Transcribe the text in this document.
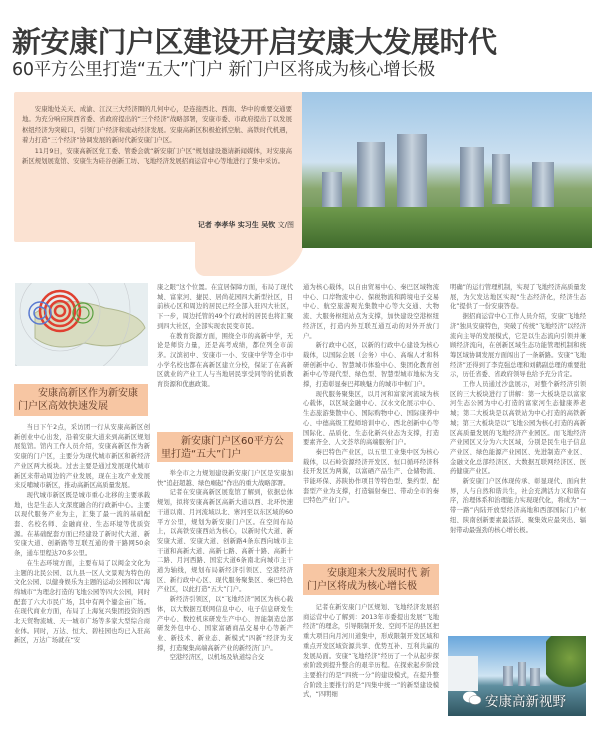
新安康门户区建设开启安康大发展时代
60平方公里打造“五大”门户 新门户区将成为核心增长极

安康地处关天、成渝、江汉三大经济圈的几何中心，是连接西北、西南、华中的重要交通要地。为充分响应陕西省委、省政府提出的“三个经济”战略部署，安康市委、市政府提出了以发展枢纽经济为突破口，引领门户经济和流动经济发展。安康高新区积极抢抓空航、高铁时代机遇，着力打造“三个经济”协调发展的新时代新安康门户区。

11月9日，安康高新区党工委、管委会就“新安康门户区”规划建设邀请新闻媒体，对安康高新区规划展览馆、安康生为硅谷创新工坊、飞地经济发展招商运营中心等地进行了集中采访。

记者 李孝华 实习生 吴钦 文/图
安康高新区作为新安康门户区高效快速发展

当日下午2点，采访团一行从安康高新区创新创业中心出发，沿着安康大道来到高新区规划展览馆。馆内工作人员介绍，安康高新区作为新安康的门户区，主要分为现代城市新区和新经济产业区两大板块。过去主要是通过发展现代城市新区来带动周边的产业发展，现在主攻产业发展来反哺城市新区，推动高新区高质量发展。

现代城市新区既是城市重心北移的主要承载地，也是生态人文深度融合的行政新中心。主要以现代服务产业为主，汇集了最一流的基础配套、名校名师、金融商业、生态环境等优质资源。在基础配套方面已经建设了新时代大道、新安康大道、创新路等互联互通的骨干路网50余条，通车里程达70多公里。

在生态环境方面，主要布局了以闽金文化为主题的北民公园、以九县一区人文景观为特色的文化公园、以健身娱乐为主题的运动公园和以“海绵城市”为理念打造的飞地公园等四大公园，同时配套了六大市民广场，其中有两个鎏金亩广场。在现代商业方面，布局了上海复兴集团投资的西北天贸物流城、天一城市广场等多家大型综合商业体。同时，万达、恒大、碧桂园也均已入驻高新区，万达广场就在“安

康之眼”这个位置。在宜居保障方面，布局了现代城、富家河、捷民、居尚花园四大新型社区，目前核心区和周边的居民已经全部入驻四大社区，下一步，周边托管的49个行政村的居民也将汇聚到四大社区，全部实现农民变市民。

在教育资源方面，围绕全市的高新中学，无论是师资力量，还是高考成绩，都位列全市前茅。汉滨初中、安康市一小、安康中学等全市中小学名校也都在高新区建立分校，保证了在高新区就业的产业工人与当地居民享受同等的优质教育资源和优惠政策。

新安康门户区60平方公里打造“五大”门户

举全市之力规划建设新安康门户区是安康加快“追赶超越、绿色崛起”作出的重大战略部署。

记者在安康高新区展览馆了解到，依据总体规划，拟将安康高新区高新大道以西、北环快速干道以南、月河流域以北、寨河至以东区域的60平方公里，规划为新安康门户区。在空间布局上，以高铁安康西站为核心，以新时代大道、新安康大道、安康大道、创新路4条东西向城市主干道和高新大道、高新七路、高新十路、高新十二路、月河西路、国宏大道6条南北向城市主干道为轴线，规划布局新经济引领区、空港经济区、新行政中心区、现代服务聚集区、秦巴特色产业区，以此打造“五大”门户。

新经济引领区，以“飞地经济”园区为核心载体，以大数据互联网信息中心、电子信息研发生产中心、数控机床研发生产中心、智能制造总部研发外包中心、国家富硒商品交易中心等新产业、新技术、新业态、新模式“四新”经济为支撑，打造聚集高端高新产业的新经济门户。

空港经济区，以机场及轨道综合交

通为核心载体，以自由贸易中心、秦巴区域物流中心、口岸物流中心、保税物流和跨境电子交易中心、航空旅游观光集散中心等大交通、大物流、大服务枢纽站点为支撑，加快建设空港枢纽经济区，打造内外互联互通互动的对外开放门户。

新行政中心区，以新的行政中心建设为核心载体，以国际会展（会务）中心、高端人才和科研创新中心、智慧城市体验中心、集团化教育创新中心等现代型、绿色型、智慧型城市地标为支撑，打造彰显秦巴邦映魅力的城市中枢门户。

现代服务聚集区，以月河和富家河流域为核心载体，以区域金融中心、汉水文化展示中心、生态旅游集散中心、国际购物中心、国际康养中心、中德高级工程师培训中心、西北创新中心等国际化、品质化、生态化新兴业态为支撑，打造要素齐全、人文荟萃的高端服务门户。

秦巴特色产业区，以五里工业集中区为核心载体，以石岭资源经济开发区、恒口循环经济科技开发区为两翼，以富硒产品生产、仓储物流、节能环保、苏陕协作项目等特色型、集约型、配套型产业为支撑，打造辐射秦巴、带动全市的秦巴特色产业门户。

安康迎来大发展时代 新门户区将成为核心增长极

记者在新安康门户区规划、飞地经济发展招商运营中心了解到：2013年市委提出发展“飞地经济”的理念，引导限制开发、空间不足的县区把重大项目向月河川道集中，形成限制开发区域和重点开发区域资源共享、优势互补、互利共赢的发展局面。安康“飞地经济”经历了一个从起步探索阶段到提升整合的艰辛历程。在探索起步阶段主要推行的是“四统一分”的建设模式，在提升整合阶段主要推行的是“四集中统一”的新型建设模式，“四明细

明确”的运行管理机制，实现了飞地经济高质量发展，为欠发达地区实现“生态经济化，经济生态化”提供了一份安康答卷。

据招商运营中心工作人员介绍，安康“飞地经济”独具安康特色，突破了传统“飞地经济”以经济流向主导的发展模式，它是以生态流向引领并兼顾经济流向，在创新区域生态功能管理机制和统筹区域协调发展方面闯出了一条新路。安康“飞地经济”还得到了李克强总理和刘鹤副总理的重要批示，历任省委、省政府领导也给予充分肯定。

工作人员通过沙盘展示，对整个新经济引领区的三大板块进行了讲解：第一大板块是以富家河生态公园为中心打造的富家河生态健康养老城；第二大板块是以高铁站为中心打造的高铁新城；第三大板块是以“飞地公园为核心打造的高新区高质量发展的飞地经济产业园区。而飞地经济产业园区又分为六大区域，分别是民生电子信息产业区、绿色能源产业园区、先进制造产业区、金融文化总部经济区、大数据互联网经济区、医药健康产业区。

新安康门户区体现传承、彰显现代、面向世界，人与自然和谐共生，社会充满活力又和谐有序，治理体系和治理能力实现现代化，将成为“一带一路”内陆开放型经济高地和西部国际门户枢纽、陕南创新要素最活跃、聚集效应最突出、辐射带动最强劲的核心增长极。

安康高新视野
